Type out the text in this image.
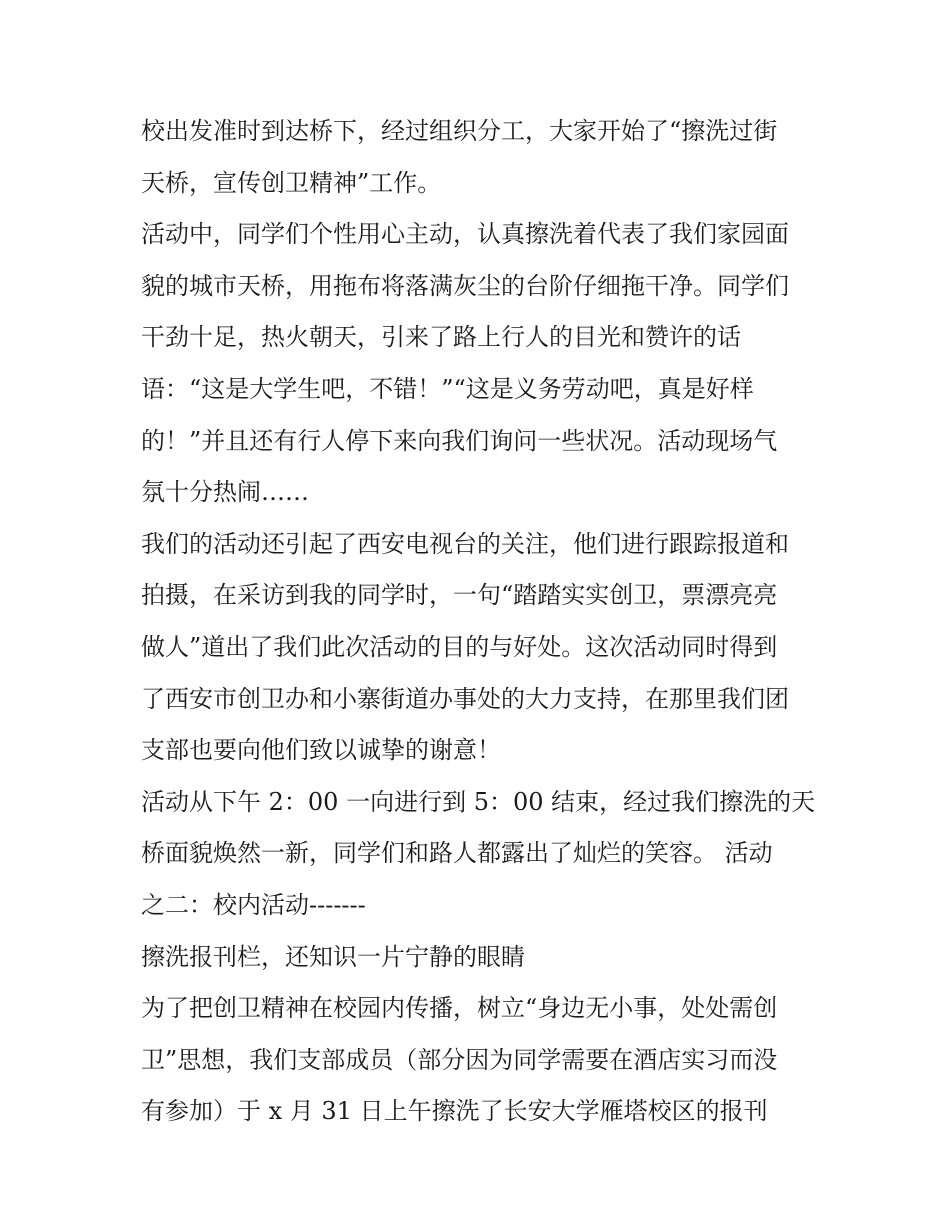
校出发准时到达桥下，经过组织分工，大家开始了“擦洗过街
天桥，宣传创卫精神”工作。
活动中，同学们个性用心主动，认真擦洗着代表了我们家园面
貌的城市天桥，用拖布将落满灰尘的台阶仔细拖干净。同学们
干劲十足，热火朝天，引来了路上行人的目光和赞许的话
语：“这是大学生吧，不错！”“这是义务劳动吧，真是好样
的！”并且还有行人停下来向我们询问一些状况。活动现场气
氛十分热闹……
我们的活动还引起了西安电视台的关注，他们进行跟踪报道和
拍摄，在采访到我的同学时，一句“踏踏实实创卫，票漂亮亮
做人”道出了我们此次活动的目的与好处。这次活动同时得到
了西安市创卫办和小寨街道办事处的大力支持，在那里我们团
支部也要向他们致以诚挚的谢意！
活动从下午 2：00 一向进行到 5：00 结束，经过我们擦洗的天
桥面貌焕然一新，同学们和路人都露出了灿烂的笑容。 活动
之二：校内活动-------
擦洗报刊栏，还知识一片宁静的眼睛
为了把创卫精神在校园内传播，树立“身边无小事，处处需创
卫”思想，我们支部成员（部分因为同学需要在酒店实习而没
有参加）于 x 月 31 日上午擦洗了长安大学雁塔校区的报刊
